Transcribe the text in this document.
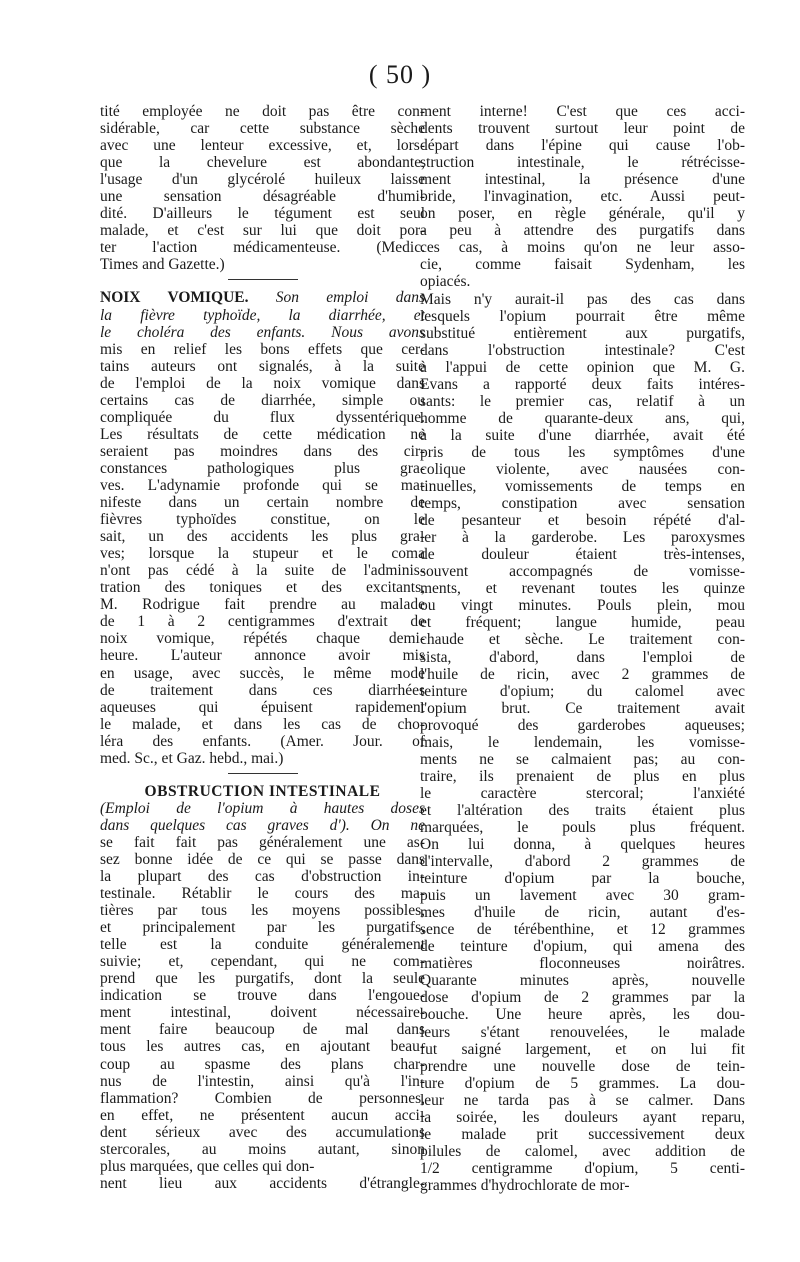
( 50 )
tité employée ne doit pas être con-
sidérable, car cette substance sèche
avec une lenteur excessive, et, lors-
que la chevelure est abondante,
l'usage d'un glycérolé huileux laisse
une sensation désagréable d'humi-
dité. D'ailleurs le tégument est seul
malade, et c'est sur lui que doit por-
ter l'action médicamenteuse. (Medic.
Times and Gazette.)
NOIX VOMIQUE. Son emploi dans
la fièvre typhoïde, la diarrhée, et
le choléra des enfants. Nous avons
mis en relief les bons effets que cer-
tains auteurs ont signalés, à la suite
de l'emploi de la noix vomique dans
certains cas de diarrhée, simple ou
compliquée du flux dyssentérique.
Les résultats de cette médication ne
seraient pas moindres dans des cir-
constances pathologiques plus gra-
ves. L'adynamie profonde qui se ma-
nifeste dans un certain nombre de
fièvres typhoïdes constitue, on le
sait, un des accidents les plus gra-
ves; lorsque la stupeur et le coma
n'ont pas cédé à la suite de l'adminis-
tration des toniques et des excitants,
M. Rodrigue fait prendre au malade
de 1 à 2 centigrammes d'extrait de
noix vomique, répétés chaque demi-
heure. L'auteur annonce avoir mis
en usage, avec succès, le même mode
de traitement dans ces diarrhées
aqueuses qui épuisent rapidement
le malade, et dans les cas de cho-
léra des enfants. (Amer. Jour. of
med. Sc., et Gaz. hebd., mai.)
OBSTRUCTION INTESTINALE
(Emploi de l'opium à hautes doses
dans quelques cas graves d'). On ne
se fait fait pas généralement une as-
sez bonne idée de ce qui se passe dans
la plupart des cas d'obstruction in-
testinale. Rétablir le cours des ma-
tières par tous les moyens possibles,
et principalement par les purgatifs,
telle est la conduite généralement
suivie; et, cependant, qui ne com-
prend que les purgatifs, dont la seule
indication se trouve dans l'engoue-
ment intestinal, doivent nécessaire-
ment faire beaucoup de mal dans
tous les autres cas, en ajoutant beau-
coup au spasme des plans char-
nus de l'intestin, ainsi qu'à l'in-
flammation? Combien de personnes,
en effet, ne présentent aucun acci-
dent sérieux avec des accumulations
stercorales, au moins autant, sinon
plus marquées, que celles qui don-
nent lieu aux accidents d'étrangle-
ment interne! C'est que ces acci-
dents trouvent surtout leur point de
départ dans l'épine qui cause l'ob-
struction intestinale, le rétrécisse-
ment intestinal, la présence d'une
bride, l'invagination, etc. Aussi peut-
on poser, en règle générale, qu'il y
a peu à attendre des purgatifs dans
ces cas, à moins qu'on ne leur asso-
cie, comme faisait Sydenham, les
opiacés.
Mais n'y aurait-il pas des cas dans
lesquels l'opium pourrait être même
substitué entièrement aux purgatifs,
dans l'obstruction intestinale? C'est
à l'appui de cette opinion que M. G.
Evans a rapporté deux faits intéres-
sants: le premier cas, relatif à un
homme de quarante-deux ans, qui,
à la suite d'une diarrhée, avait été
pris de tous les symptômes d'une
colique violente, avec nausées con-
tinuelles, vomissements de temps en
temps, constipation avec sensation
de pesanteur et besoin répété d'al-
ler à la garderobe. Les paroxysmes
de douleur étaient très-intenses,
souvent accompagnés de vomisse-
ments, et revenant toutes les quinze
ou vingt minutes. Pouls plein, mou
et fréquent; langue humide, peau
chaude et sèche. Le traitement con-
sista, d'abord, dans l'emploi de
l'huile de ricin, avec 2 grammes de
teinture d'opium; du calomel avec
l'opium brut. Ce traitement avait
provoqué des garderobes aqueuses;
mais, le lendemain, les vomisse-
ments ne se calmaient pas; au con-
traire, ils prenaient de plus en plus
le caractère stercoral; l'anxiété
et l'altération des traits étaient plus
marquées, le pouls plus fréquent.
On lui donna, à quelques heures
d'intervalle, d'abord 2 grammes de
teinture d'opium par la bouche,
puis un lavement avec 30 gram-
mes d'huile de ricin, autant d'es-
sence de térébenthine, et 12 grammes
de teinture d'opium, qui amena des
matières floconneuses noirâtres.
Quarante minutes après, nouvelle
dose d'opium de 2 grammes par la
bouche. Une heure après, les dou-
leurs s'étant renouvelées, le malade
fut saigné largement, et on lui fit
prendre une nouvelle dose de tein-
ture d'opium de 5 grammes. La dou-
leur ne tarda pas à se calmer. Dans
la soirée, les douleurs ayant reparu,
le malade prit successivement deux
pilules de calomel, avec addition de
1/2 centigramme d'opium, 5 centi-
grammes d'hydrochlorate de mor-
